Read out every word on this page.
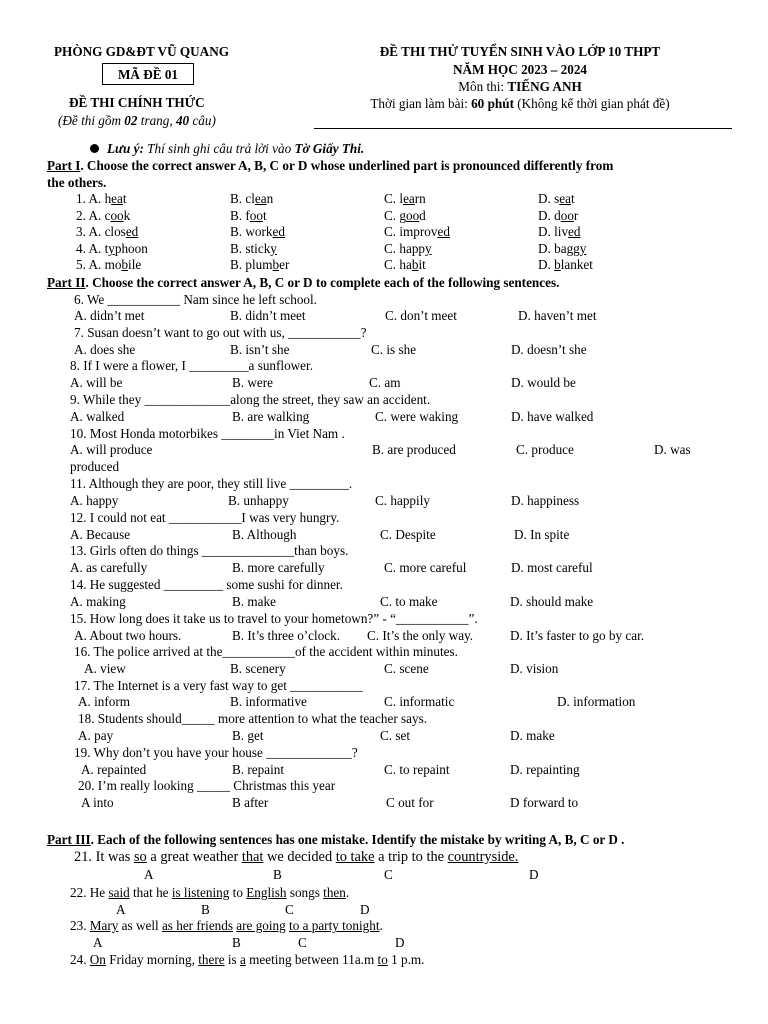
PHÒNG GD&ĐT VŨ QUANG
MÃ ĐỀ 01
ĐỀ THI CHÍNH THỨC
(Đề thi gồm 02 trang, 40 câu)
ĐỀ THI THỬ TUYỂN SINH VÀO LỚP 10 THPT
NĂM HỌC 2023 – 2024
Môn thi: TIẾNG ANH
Thời gian làm bài: 60 phút (Không kể thời gian phát đề)
Lưu ý: Thí sinh ghi câu trả lời vào Tờ Giấy Thi.
Part I. Choose the correct answer A, B, C or D whose underlined part is pronounced differently from
the others.
1. A. heat	B. clean	C. learn	D. seat
2. A. cook	B. foot	C. good	D. door
3. A. closed	B. worked	C. improved	D. lived
4. A. typhoon	B. sticky	C. happy	D. baggy
5. A. mobile	B. plumber	C. habit	D. blanket
Part II. Choose the correct answer A, B, C or D to complete each of the following sentences.
6. We ___________ Nam since he left school.
A. didn’t met	B. didn’t meet	C. don’t meet	D. haven’t met
7. Susan doesn’t want to go out with us, ___________?
A. does she	B. isn’t she	C. is she	D. doesn’t she
8. If I were a flower, I _________a sunflower.
A. will be	B. were	C. am	D. would be
9. While they _____________along the street, they saw an accident.
A. walked	B. are walking	C. were waking	D. have walked
10. Most Honda motorbikes ________in Viet Nam .
A. will produce	B. are produced	C. produce	D. was
produced
11. Although they are poor, they still live _________.
A. happy	B. unhappy	C. happily	D. happiness
12. I could not eat ___________I was very hungry.
A. Because	B. Although	C. Despite	D. In spite
13. Girls often do things ______________than boys.
A. as carefully	B. more carefully	C. more careful	D. most careful
14. He suggested _________ some sushi for dinner.
A. making	B. make	C. to make	D. should make
15. How long does it take us to travel to your hometown?” - “___________”.
A. About two hours.	B. It’s three o’clock. C. It’s the only way.	D. It’s faster to go by car.
16. The police arrived at the___________of the accident within minutes.
A. view	B. scenery	C. scene	D. vision
17. The Internet is a very fast way to get ___________
A. inform	B. informative	C. informatic	D. information
18. Students should_____ more attention to what the teacher says.
A. pay	B. get	C. set	D. make
19. Why don’t you have your house _____________?
A. repainted	B. repaint	C. to repaint	D. repainting
20. I’m really looking _____ Christmas this year
A into	B after	C out for	D forward to
Part III. Each of the following sentences has one mistake. Identify the mistake by writing A, B, C or D .
21. It was so a great weather that we decided to take a trip to the countryside.
A	B	C	D
22. He said that he is listening to English songs then.
A	B	C	D
23. Mary as well as her friends are going to a party tonight.
A	B	C	D
24. On Friday morning, there is a meeting between 11a.m to 1 p.m.
